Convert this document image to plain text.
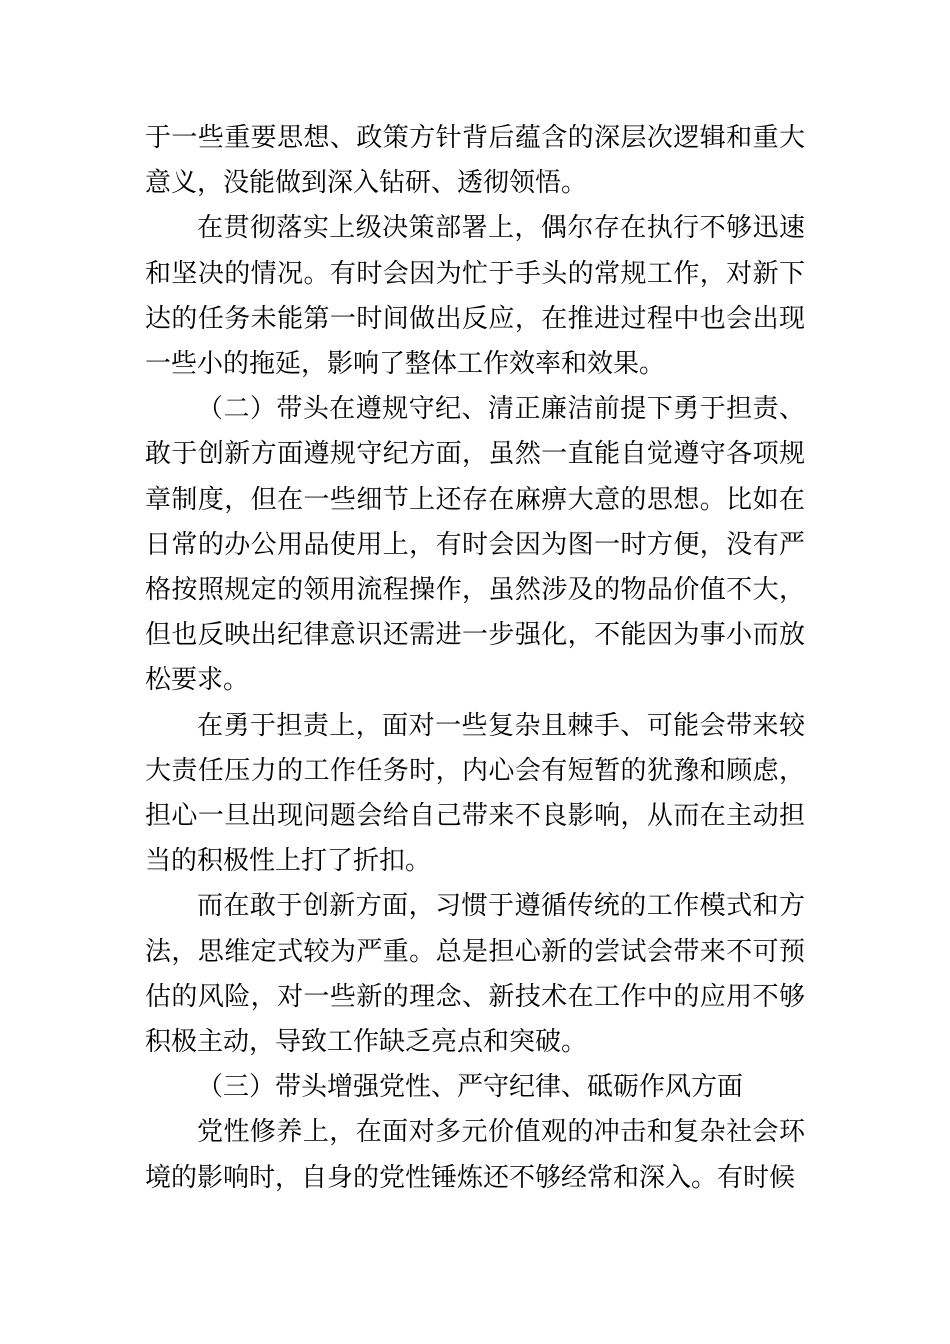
于一些重要思想、政策方针背后蕴含的深层次逻辑和重大意义，没能做到深入钻研、透彻领悟。

在贯彻落实上级决策部署上，偶尔存在执行不够迅速和坚决的情况。有时会因为忙于手头的常规工作，对新下达的任务未能第一时间做出反应，在推进过程中也会出现一些小的拖延，影响了整体工作效率和效果。

（二）带头在遵规守纪、清正廉洁前提下勇于担责、敢于创新方面遵规守纪方面，虽然一直能自觉遵守各项规章制度，但在一些细节上还存在麻痹大意的思想。比如在日常的办公用品使用上，有时会因为图一时方便，没有严格按照规定的领用流程操作，虽然涉及的物品价值不大，但也反映出纪律意识还需进一步强化，不能因为事小而放松要求。

在勇于担责上，面对一些复杂且棘手、可能会带来较大责任压力的工作任务时，内心会有短暂的犹豫和顾虑，担心一旦出现问题会给自己带来不良影响，从而在主动担当的积极性上打了折扣。

而在敢于创新方面，习惯于遵循传统的工作模式和方法，思维定式较为严重。总是担心新的尝试会带来不可预估的风险，对一些新的理念、新技术在工作中的应用不够积极主动，导致工作缺乏亮点和突破。

（三）带头增强党性、严守纪律、砥砺作风方面

党性修养上，在面对多元价值观的冲击和复杂社会环境的影响时，自身的党性锤炼还不够经常和深入。有时候
